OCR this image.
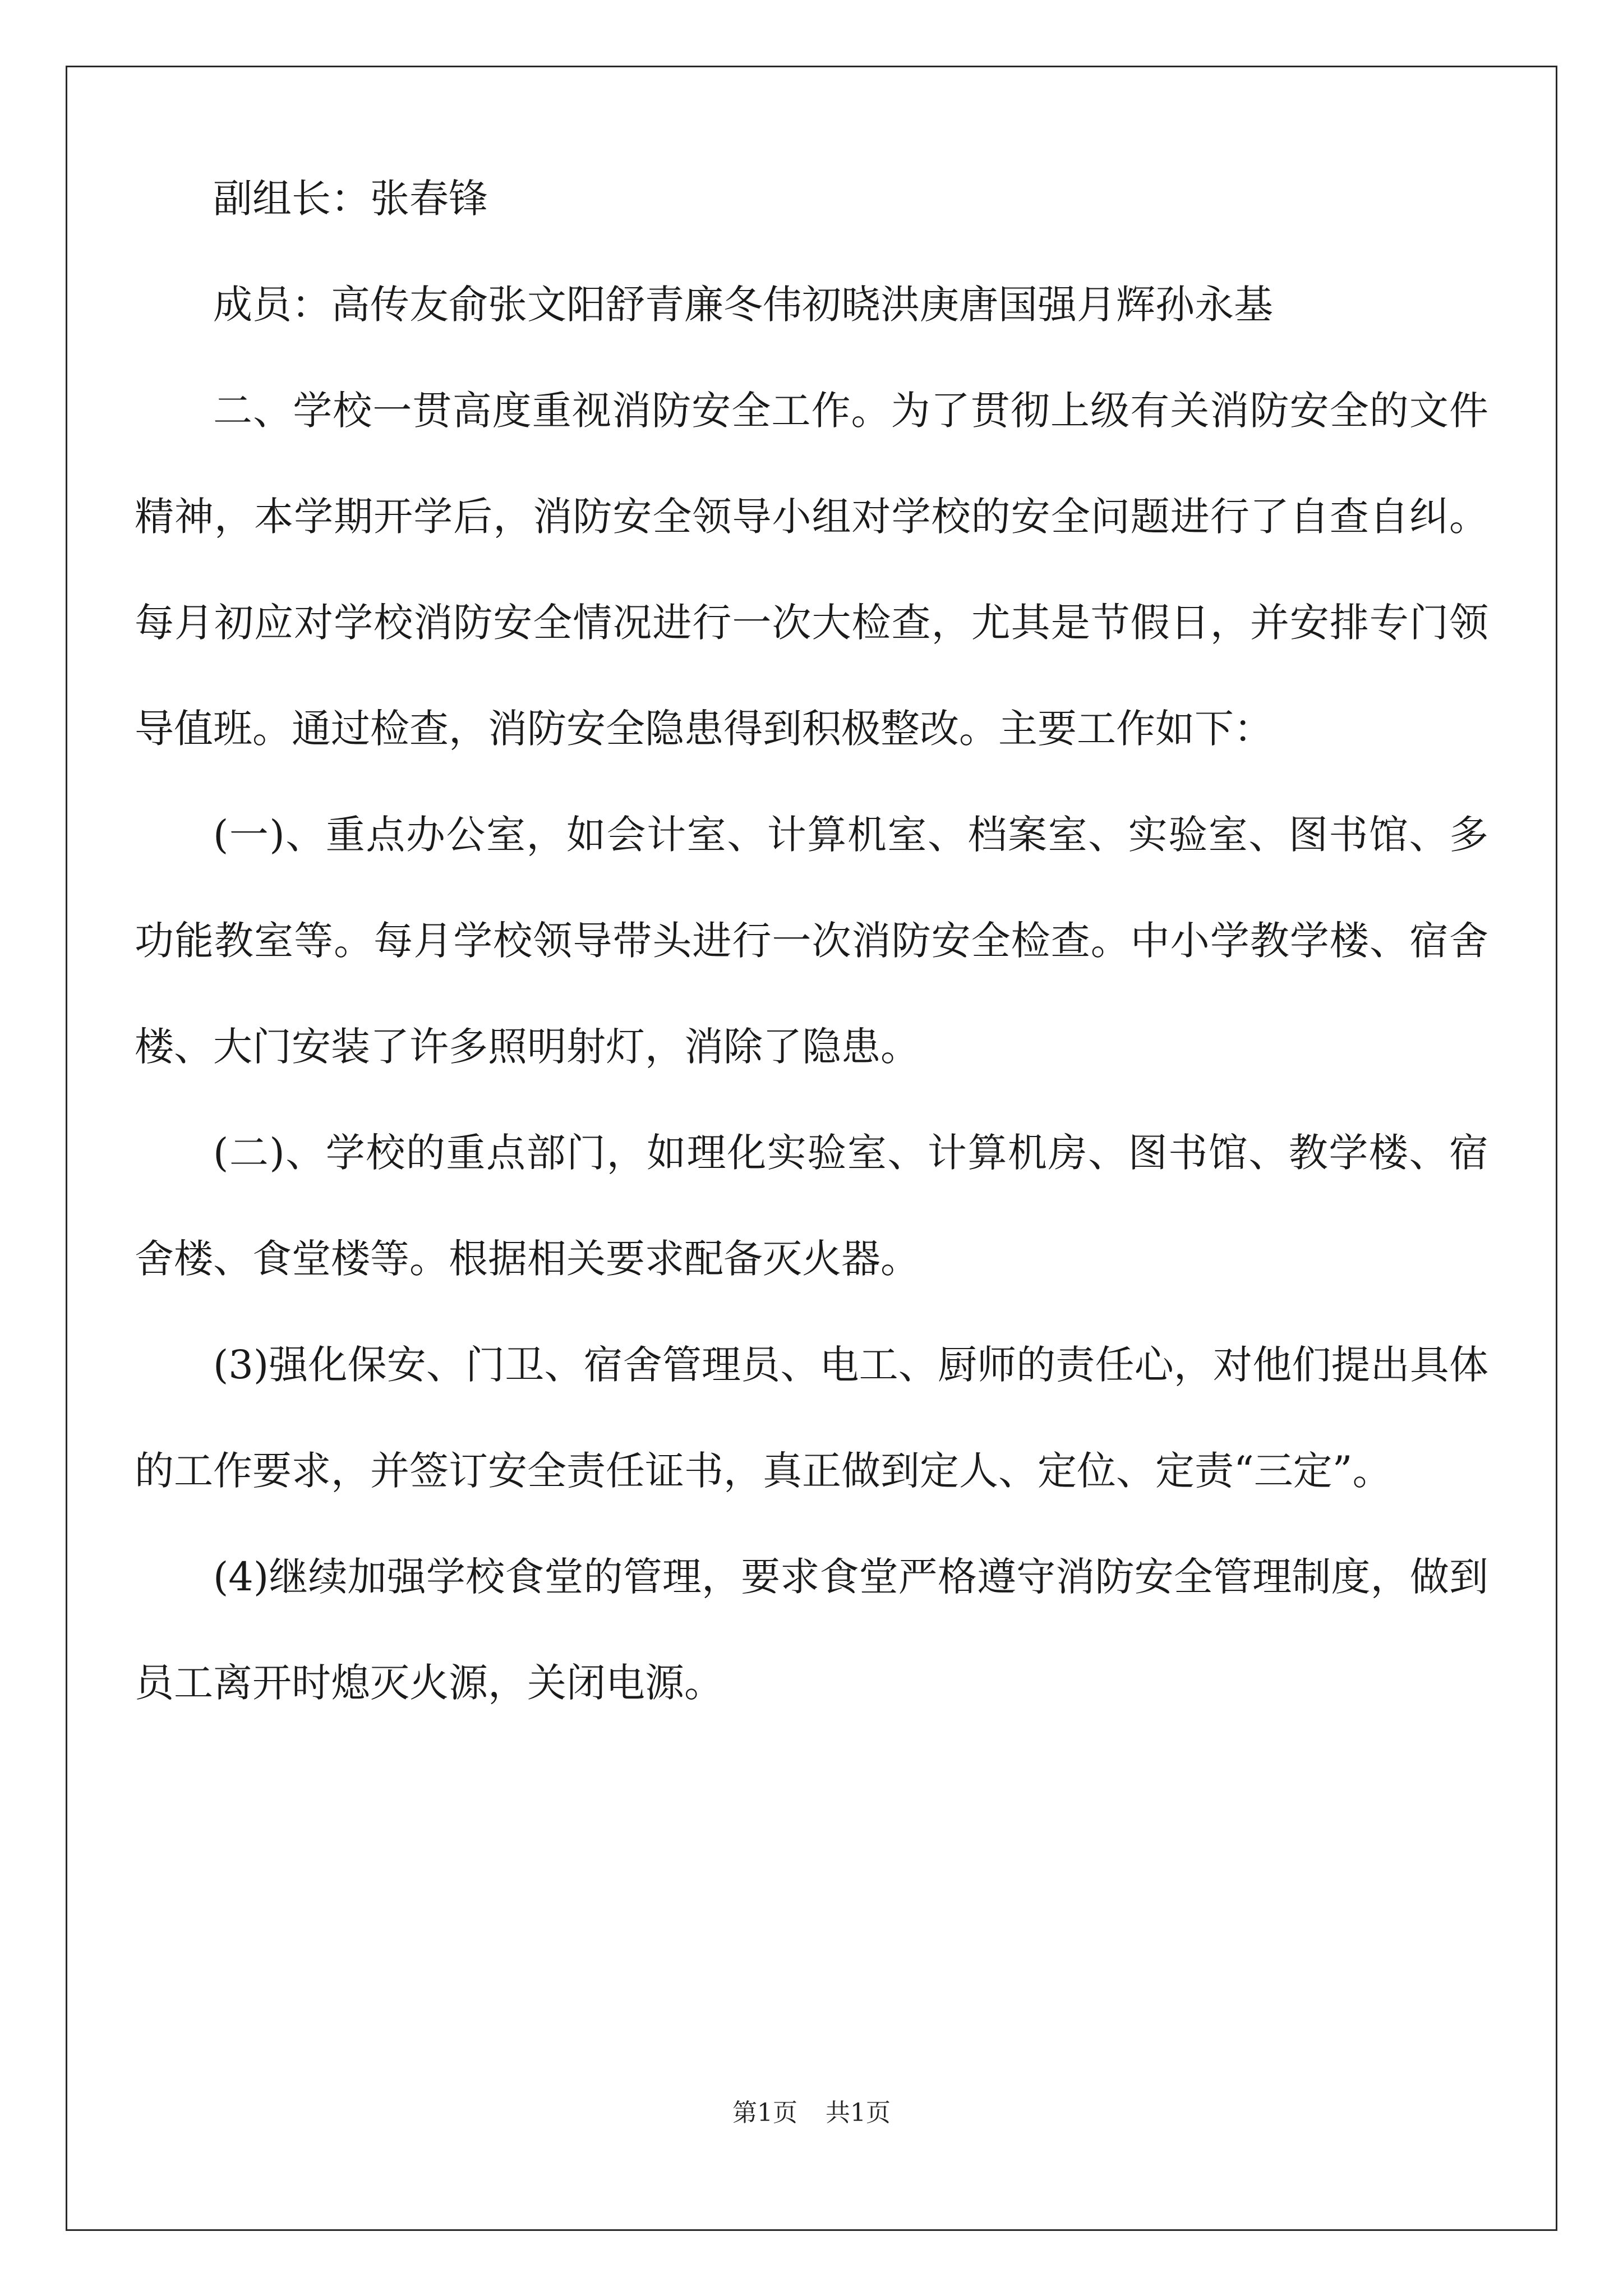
副组长：张春锋

成员：高传友俞张文阳舒青廉冬伟初晓洪庚唐国强月辉孙永基

二、学校一贯高度重视消防安全工作。为了贯彻上级有关消防安全的文件精神，本学期开学后，消防安全领导小组对学校的安全问题进行了自查自纠。每月初应对学校消防安全情况进行一次大检查，尤其是节假日，并安排专门领导值班。通过检查，消防安全隐患得到积极整改。主要工作如下：

(一)、重点办公室，如会计室、计算机室、档案室、实验室、图书馆、多功能教室等。每月学校领导带头进行一次消防安全检查。中小学教学楼、宿舍楼、大门安装了许多照明射灯，消除了隐患。

(二)、学校的重点部门，如理化实验室、计算机房、图书馆、教学楼、宿舍楼、食堂楼等。根据相关要求配备灭火器。

(3)强化保安、门卫、宿舍管理员、电工、厨师的责任心，对他们提出具体的工作要求，并签订安全责任证书，真正做到定人、定位、定责“三定”。

(4)继续加强学校食堂的管理，要求食堂严格遵守消防安全管理制度，做到员工离开时熄灭火源，关闭电源。

第1页 共1页
